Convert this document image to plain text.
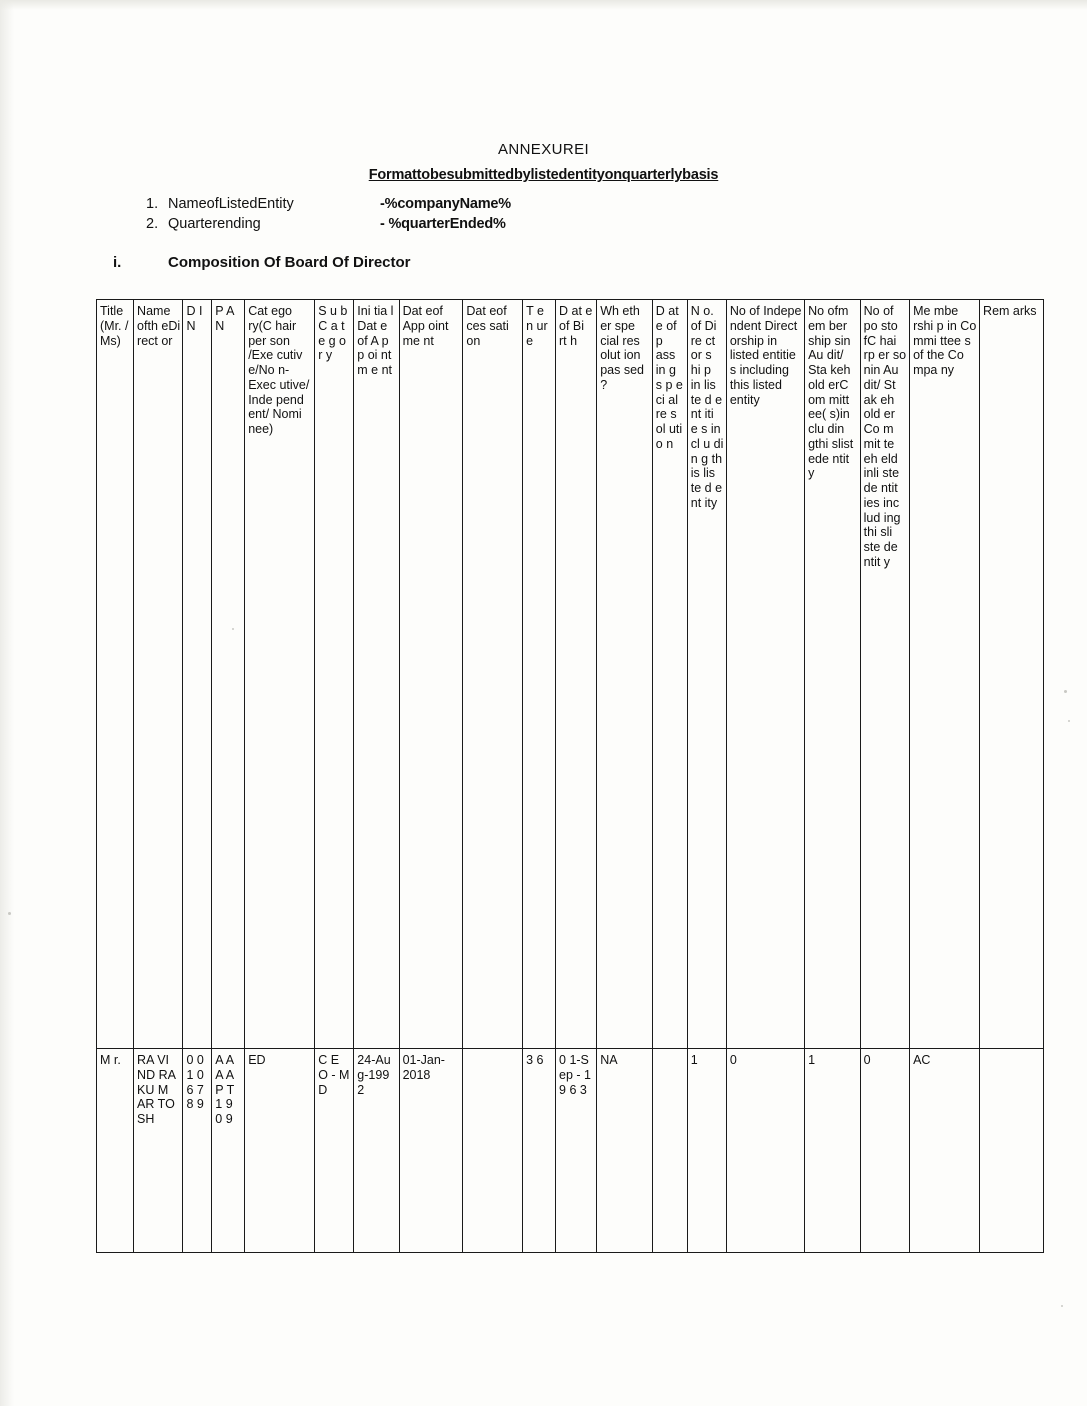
ANNEXUREI
Formattobesubmittedbylistedentityonquarterlybasis
1. NameofListedEntity	-%companyName%
2. Quarterending	- %quarterEnded%
i.	Composition Of Board Of Director
Title (Mr. / Ms)	Name ofth eDi rect or	D I N	P A N	Cat ego ry(C hair per son /Exe cutiv e/No n-Exec utive/ Inde pend ent/ Nomi nee)	S u b C a t e g o r y	Ini tia l Dat e of A p p oi nt m e nt	Dat eof App oint me nt	Dat eof ces sati on	T e n ur e	D at e of Bi rt h	Wh eth er spe cial res olut ion pas sed ?	D at e of p ass in g s p e ci al re s ol uti o n	N o. of Di re ct or s hi p in lis te d e nt iti e s in cl u di n g th is lis te d e nt ity	No of Indepe ndent Direct orship in listed entitie s including this listed entity	No ofm em ber ship sin Au dit/ Sta keh old erC om mitt ee( s)in clu din gthi slist ede ntit y	No of po sto fC hai rp er so nin Au dit/ St ak eh old er Co m mit te eh eld inli ste de ntit ies inc lud ing thi sli ste de ntit y	Me mbe rshi p in Co mmi ttee s of the Co mpa ny	Rem arks
M r.	RA VI ND RA KU M AR TO SH	0 0 1 0 6 7 8 9	A A A A P T 1 9 0 9	ED	C E O - M D	24-Au g-199 2	01-Jan-2018		3 6	0 1-S ep - 1 9 6 3	NA		1	0	1	0	AC	
